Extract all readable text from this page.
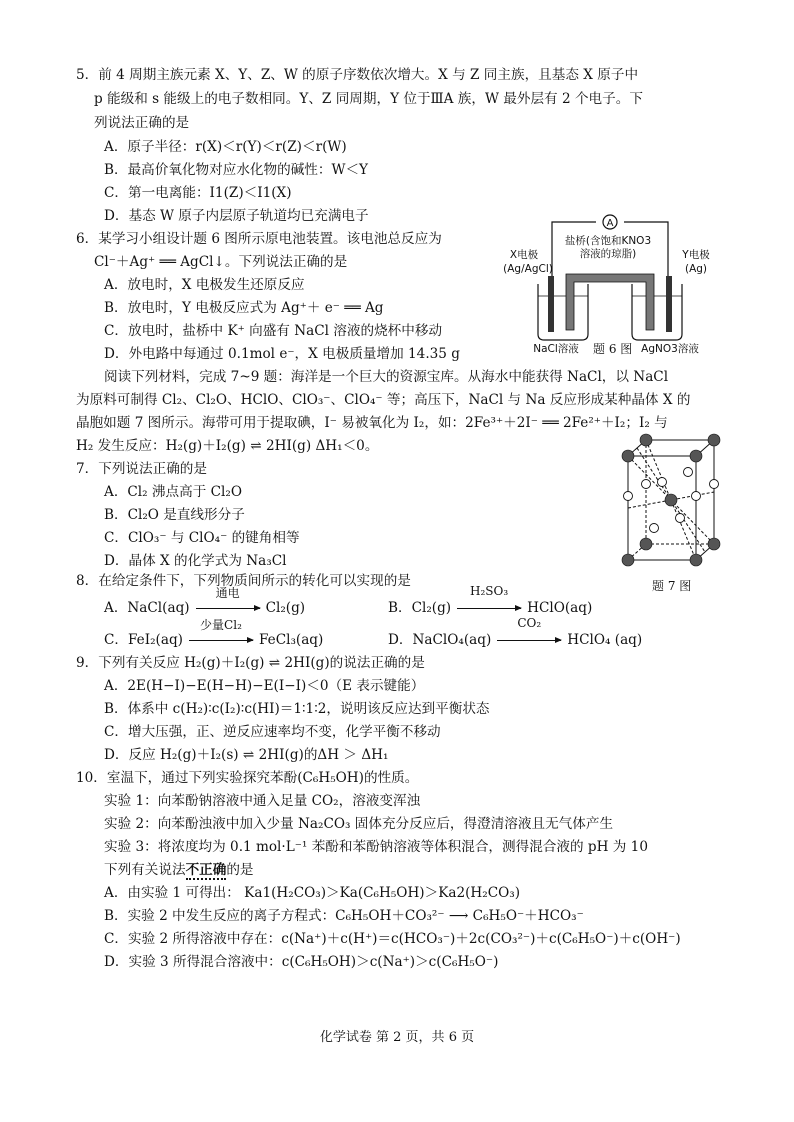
5．前 4 周期主族元素 X、Y、Z、W 的原子序数依次增大。X 与 Z 同主族，且基态 X 原子中
p 能级和 s 能级上的电子数相同。Y、Z 同周期，Y 位于ⅢA 族，W 最外层有 2 个电子。下
列说法正确的是
A．原子半径：r(X)＜r(Y)＜r(Z)＜r(W)
B．最高价氧化物对应水化物的碱性：W＜Y
C．第一电离能：I1(Z)＜I1(X)
D．基态 W 原子内层原子轨道均已充满电子
6．某学习小组设计题 6 图所示原电池装置。该电池总反应为
Cl⁻＋Ag⁺ ══ AgCl↓。下列说法正确的是
A．放电时，X 电极发生还原反应
B．放电时，Y 电极反应式为 Ag⁺＋ e⁻ ══ Ag
C．放电时，盐桥中 K⁺ 向盛有 NaCl 溶液的烧杯中移动
D．外电路中每通过 0.1mol e⁻，X 电极质量增加 14.35 g
A
盐桥(含饱和KNO3
溶液的琼脂)
X电极
(Ag/AgCl)
Y电极
(Ag)
NaCl溶液	AgNO3溶液
题 6 图
阅读下列材料，完成 7~9 题：海洋是一个巨大的资源宝库。从海水中能获得 NaCl，以 NaCl
为原料可制得 Cl₂、Cl₂O、HClO、ClO₃⁻、ClO₄⁻ 等；高压下，NaCl 与 Na 反应形成某种晶体 X 的
晶胞如题 7 图所示。海带可用于提取碘，I⁻ 易被氧化为 I₂，如：2Fe³⁺＋2I⁻ ══ 2Fe²⁺＋I₂；I₂ 与
H₂ 发生反应：H₂(g)＋I₂(g) ⇌ 2HI(g) ΔH₁＜0。
7．下列说法正确的是
A．Cl₂ 沸点高于 Cl₂O
B．Cl₂O 是直线形分子
C．ClO₃⁻ 与 ClO₄⁻ 的键角相等
D．晶体 X 的化学式为 Na₃Cl
题 7 图
8．在给定条件下，下列物质间所示的转化可以实现的是
A．NaCl(aq)
通电
Cl₂(g)	B．Cl₂(g)
H₂SO₃
HClO(aq)
C．FeI₂(aq)
少量Cl₂
FeCl₃(aq)	D．NaClO₄(aq)
CO₂
HClO₄ (aq)
9．下列有关反应 H₂(g)＋I₂(g) ⇌ 2HI(g)的说法正确的是
A．2E(H−I)−E(H−H)−E(I−I)＜0（E 表示键能）
B．体系中 c(H₂)∶c(I₂)∶c(HI)＝1∶1∶2，说明该反应达到平衡状态
C．增大压强，正、逆反应速率均不变，化学平衡不移动
D．反应 H₂(g)＋I₂(s) ⇌ 2HI(g)的ΔH ＞ ΔH₁
10．室温下，通过下列实验探究苯酚(C₆H₅OH)的性质。
实验 1：向苯酚钠溶液中通入足量 CO₂，溶液变浑浊
实验 2：向苯酚浊液中加入少量 Na₂CO₃ 固体充分反应后，得澄清溶液且无气体产生
实验 3：将浓度均为 0.1 mol·L⁻¹ 苯酚和苯酚钠溶液等体积混合，测得混合液的 pH 为 10
下列有关说法不正确的是
A．由实验 1 可得出： Ka1(H₂CO₃)＞Ka(C₆H₅OH)＞Ka2(H₂CO₃)
B．实验 2 中发生反应的离子方程式：C₆H₅OH＋CO₃²⁻ ⟶ C₆H₅O⁻＋HCO₃⁻
C．实验 2 所得溶液中存在：c(Na⁺)＋c(H⁺)＝c(HCO₃⁻)＋2c(CO₃²⁻)＋c(C₆H₅O⁻)＋c(OH⁻)
D．实验 3 所得混合溶液中：c(C₆H₅OH)＞c(Na⁺)＞c(C₆H₅O⁻)
化学试卷 第 2 页，共 6 页
